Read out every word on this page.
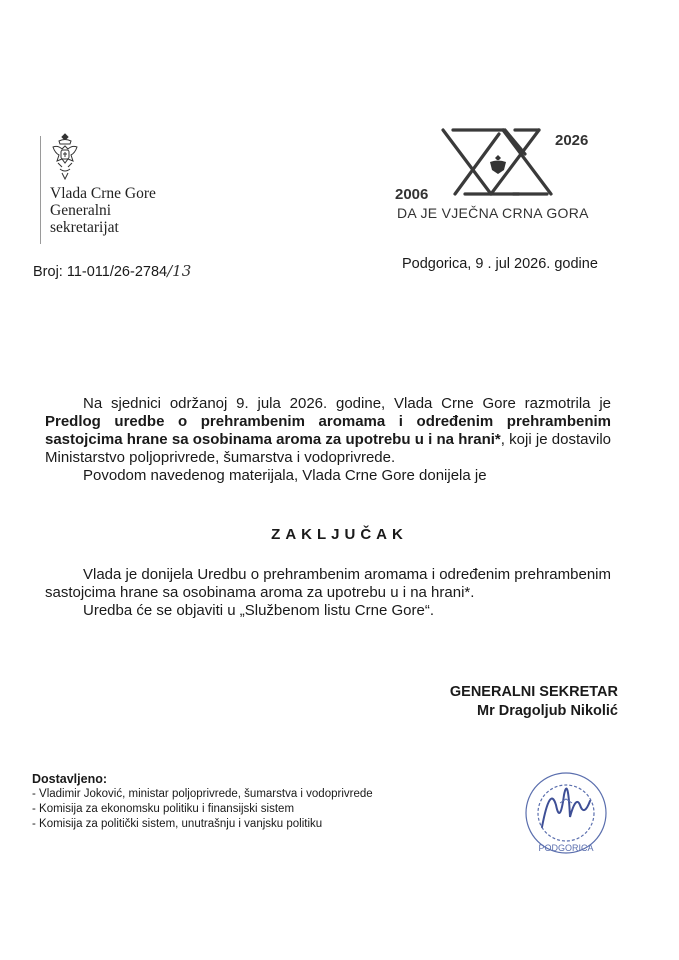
Vlada Crne Gore
Generalni
sekretarijat
2006
2026
DA JE VJEČNA CRNA GORA
Broj: 11-011/26-2784/13	Podgorica, 9 . jul 2026. godine

Na sjednici održanoj 9. jula 2026. godine, Vlada Crne Gore razmotrila je Predlog uredbe o prehrambenim aromama i određenim prehrambenim sastojcima hrane sa osobinama aroma za upotrebu u i na hrani*, koji je dostavilo Ministarstvo poljoprivrede, šumarstva i vodoprivrede.

Povodom navedenog materijala, Vlada Crne Gore donijela je

ZAKLJUČAK

Vlada je donijela Uredbu o prehrambenim aromama i određenim prehrambenim sastojcima hrane sa osobinama aroma za upotrebu u i na hrani*.

Uredba će se objaviti u „Službenom listu Crne Gore“.

GENERALNI SEKRETAR
Mr Dragoljub Nikolić
Dostavljeno:
- Vladimir Joković, ministar poljoprivrede, šumarstva i vodoprivrede
- Komisija za ekonomsku politiku i finansijski sistem
- Komisija za politički sistem, unutrašnju i vanjsku politiku
PODGORICA
